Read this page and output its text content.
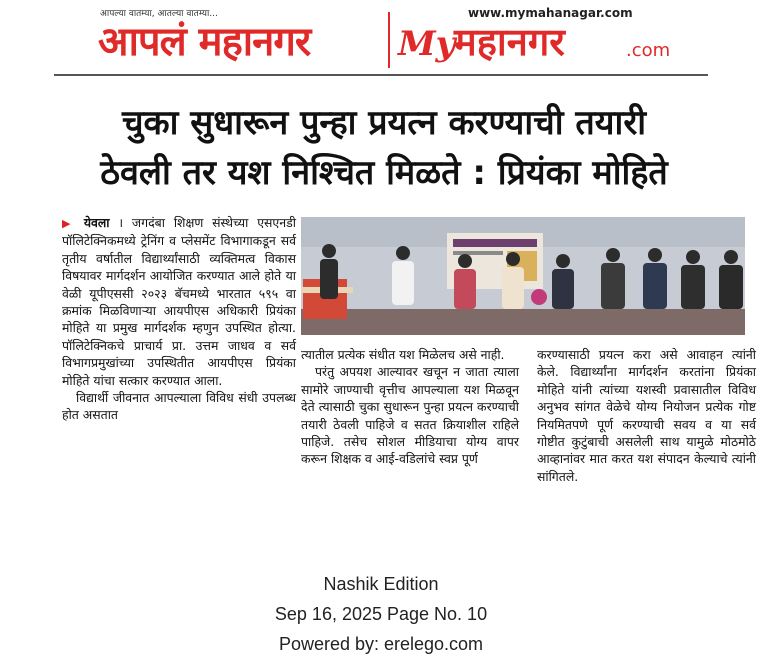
आपल्या वातम्या, आतल्या वातम्या...
आपलं महानगर
www.mymahanagar.com
My
महानगर	.com
चुका सुधारून पुन्हा प्रयत्न करण्याची तयारी
ठेवली तर यश निश्चित मिळते : प्रियंका मोहिते

▶ येवला । जगदंबा शिक्षण संस्थेच्या एसएनडी पॉलिटेक्निकमध्ये ट्रेनिंग व प्लेसमेंट विभागाकडून सर्व तृतीय वर्षातील विद्यार्थ्यांसाठी व्यक्तिमत्व विकास विषयावर मार्गदर्शन आयोजित करण्यात आले होते या वेळी यूपीएससी २०२३ बॅचमध्ये भारतात ५९५ वा क्रमांक मिळविणाऱ्या आयपीएस अधिकारी प्रियंका मोहिते या प्रमुख मार्गदर्शक म्हणुन उपस्थित होत्या. पॉलिटेक्निकचे प्राचार्य प्रा. उत्तम जाधव व सर्व विभागप्रमुखांच्या उपस्थितीत आयपीएस प्रियंका मोहिते यांचा सत्कार करण्यात आला.

विद्यार्थी जीवनात आपल्याला विविध संधी उपलब्ध होत असतात

त्यातील प्रत्येक संधीत यश मिळेलच असे नाही.

परंतु अपयश आल्यावर खचून न जाता त्याला सामोरे जाण्याची वृत्तीच आपल्याला यश मिळवून देते त्यासाठी चुका सुधारून पुन्हा प्रयत्न करण्याची तयारी ठेवली पाहिजे व सतत क्रियाशील राहिले पाहिजे. तसेच सोशल मीडियाचा योग्य वापर करून शिक्षक व आई-वडिलांचे स्वप्न पूर्ण

करण्यासाठी प्रयत्न करा असे आवाहन त्यांनी केले. विद्यार्थ्यांना मार्गदर्शन करतांना प्रियंका मोहिते यांनी त्यांच्या यशस्वी प्रवासातील विविध अनुभव सांगत वेळेचे योग्य नियोजन प्रत्येक गोष्ट नियमितपणे पूर्ण करण्याची सवय व या सर्व गोष्टीत कुटुंबाची असलेली साथ यामुळे मोठमोठे आव्हानांवर मात करत यश संपादन केल्याचे त्यांनी सांगितले.

Nashik Edition
Sep 16, 2025 Page No. 10
Powered by: erelego.com
